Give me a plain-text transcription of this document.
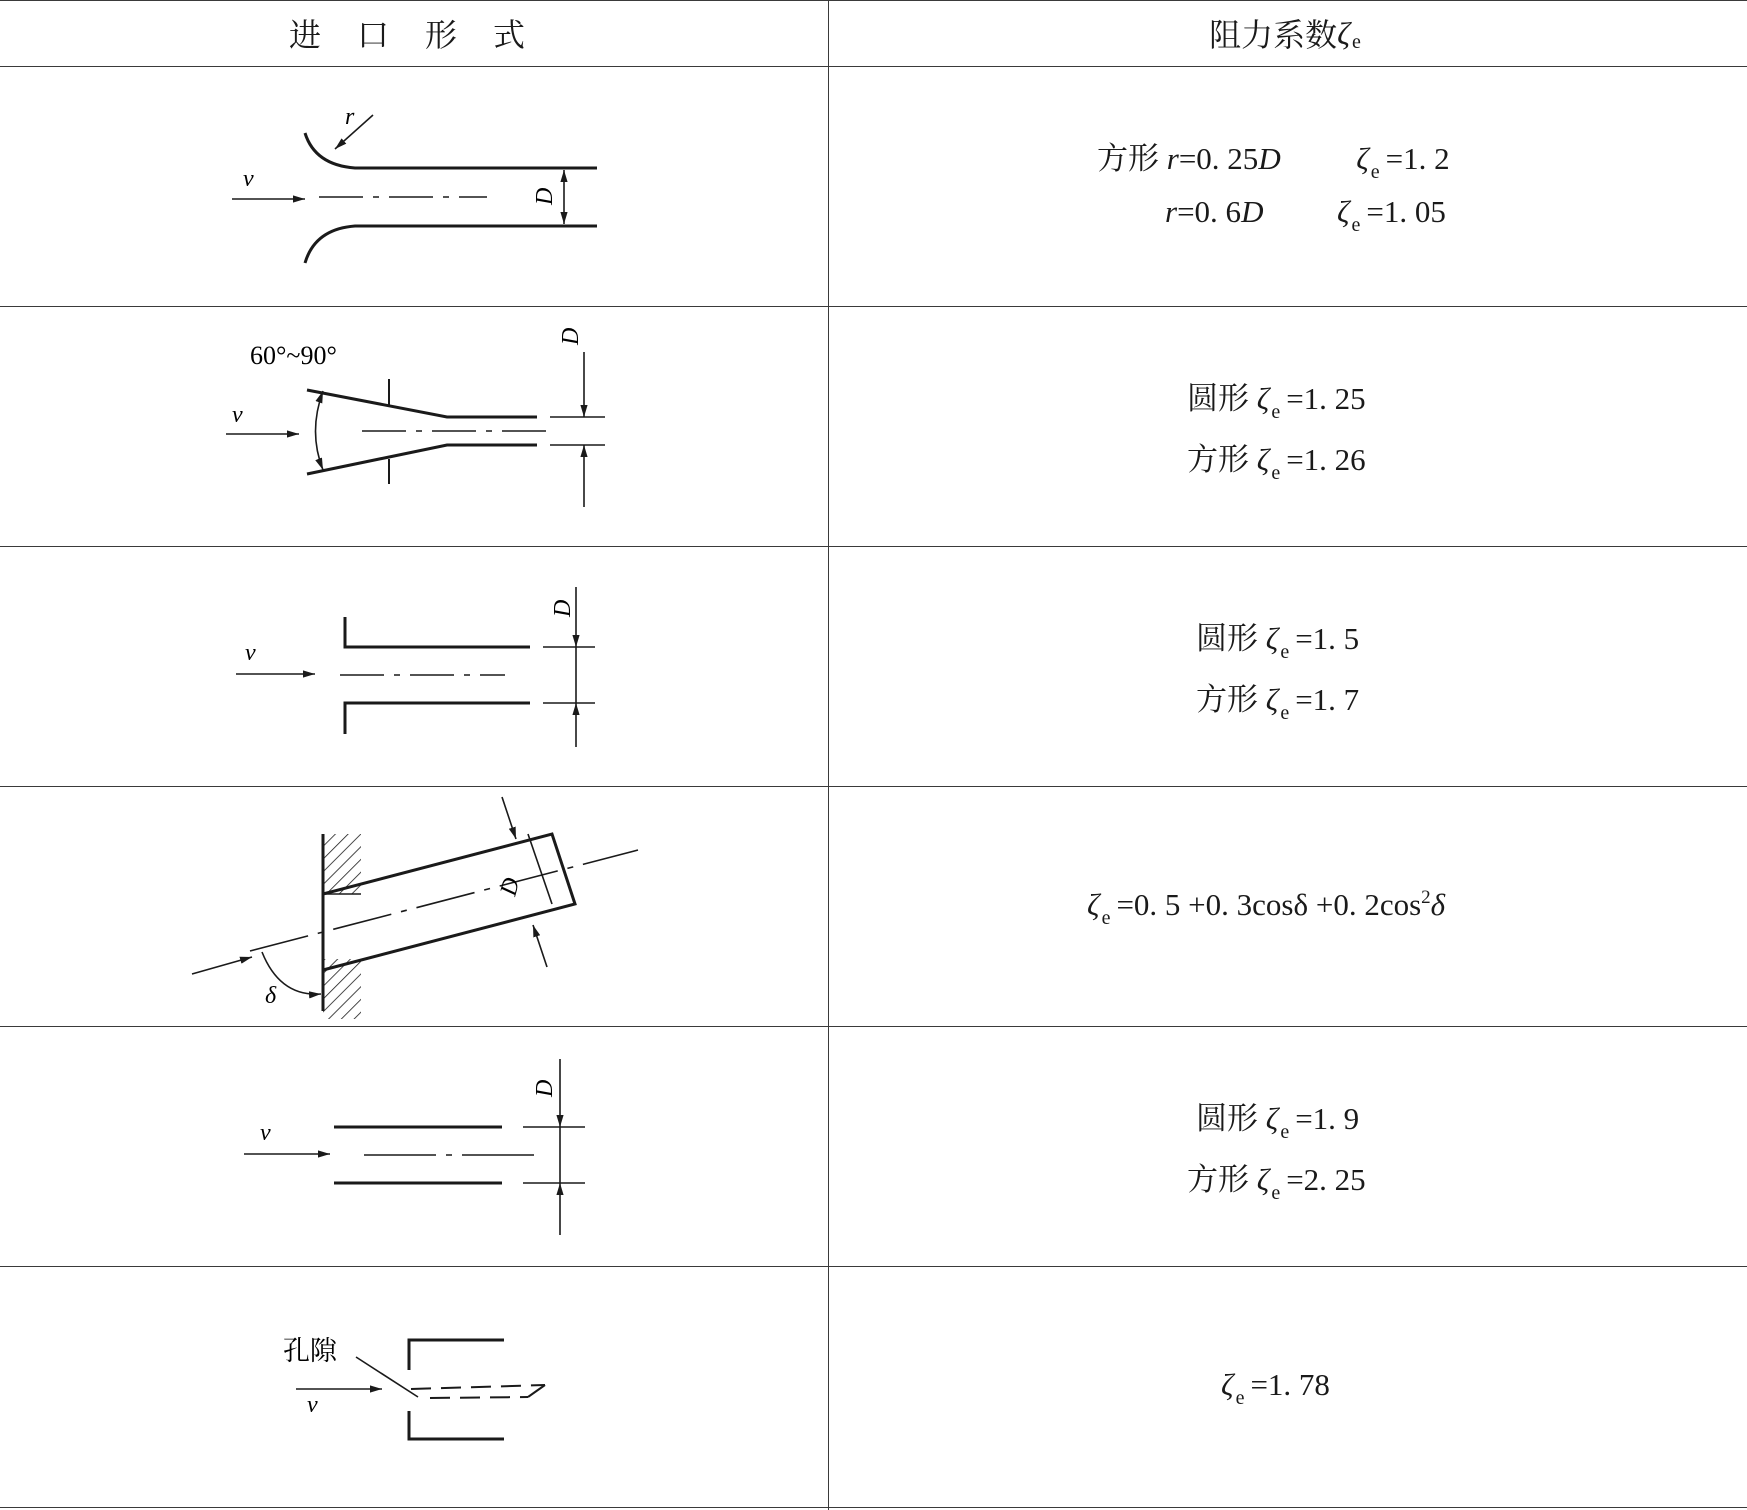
进 口 形 式	阻力系数 ζ e
v
r
D
方形 r=0. 25D ζ $_e$ =1. 2
r=0. 6D ζ $_e$ =1. 05
v
60°~90°
D
圆形 ζ $_e$ =1. 25
方形 ζ $_e$ =1. 26
v
D
圆形 ζ $_e$ =1. 5
方形 ζ $_e$ =1. 7
δ
D
ζ $_e$ =0. 5 +0. 3cosδ +0. $2\cos^2\delta$
v
D
圆形 ζ $_e$ =1. 9
方形 ζ $_e$ =2. 25
v
孔隙
ζ $_e$ =1. 78
